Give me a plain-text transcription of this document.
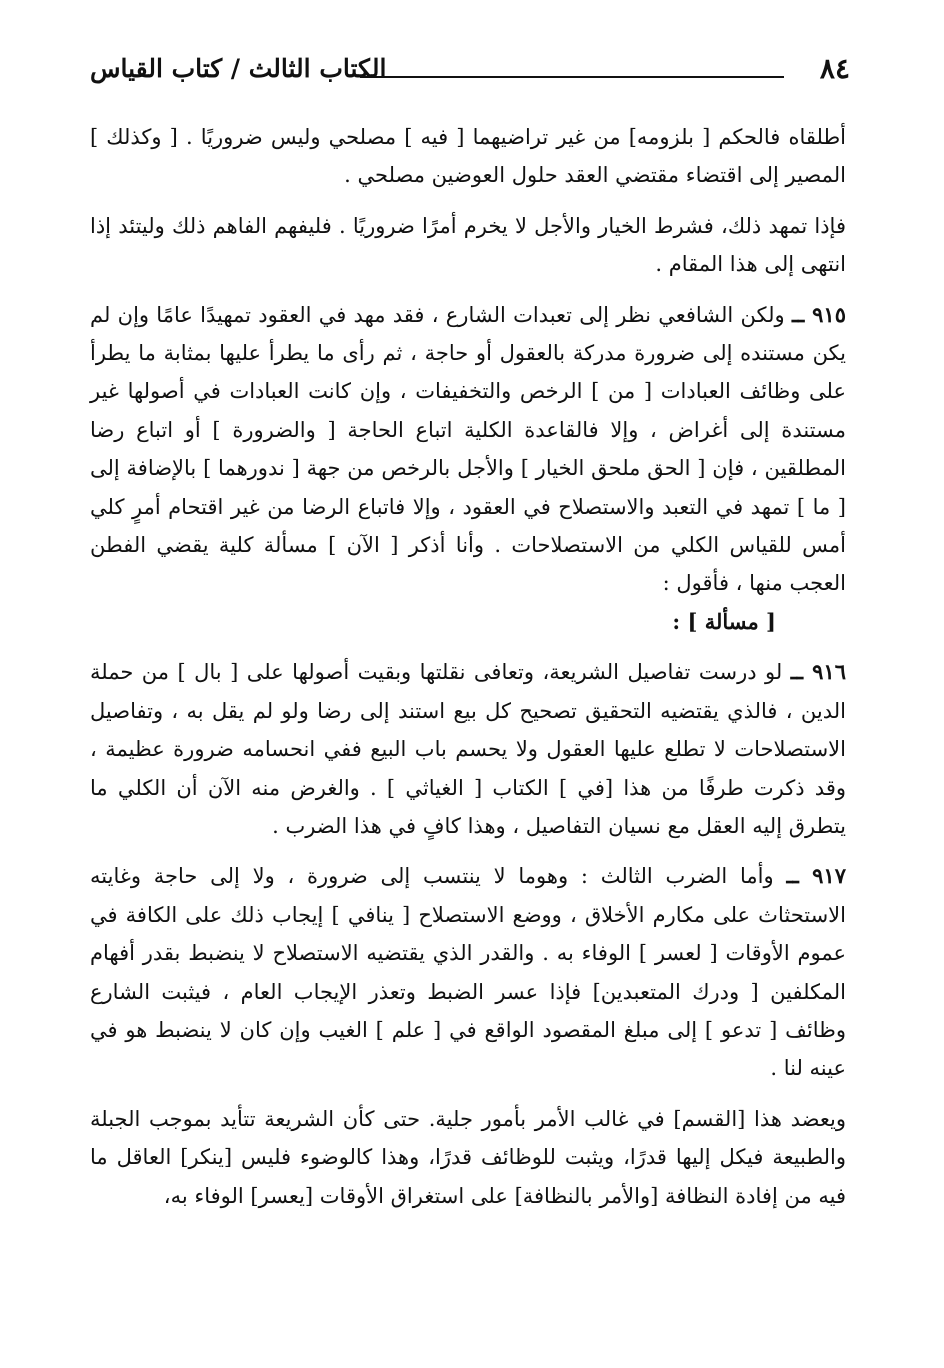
٨٤
الكتاب الثالث / كتاب القياس

أطلقاه فالحكم [ بلزومه] من غير تراضيهما [ فيه ] مصلحي وليس ضروريًا . [ وكذلك ] المصير إلى اقتضاء مقتضي العقد حلول العوضين مصلحي .

فإذا تمهد ذلك، فشرط الخيار والأجل لا يخرم أمرًا ضروريًا . فليفهم الفاهم ذلك وليتئد إذا انتهى إلى هذا المقام .

٩١٥ ــ ولكن الشافعي نظر إلى تعبدات الشارع ، فقد مهد في العقود تمهيدًا عامًا وإن لم يكن مستنده إلى ضرورة مدركة بالعقول أو حاجة ، ثم رأى ما يطرأ عليها بمثابة ما يطرأ على وظائف العبادات [ من ] الرخص والتخفيفات ، وإن كانت العبادات في أصولها غير مستندة إلى أغراض ، وإلا فالقاعدة الكلية اتباع الحاجة [ والضرورة ] أو اتباع رضا المطلقين ، فإن [ الحق ملحق الخيار ] والأجل بالرخص من جهة [ ندورهما ] بالإضافة إلى [ ما ] تمهد في التعبد والاستصلاح في العقود ، وإلا فاتباع الرضا من غير اقتحام أمرٍ كلي أمس للقياس الكلي من الاستصلاحات . وأنا أذكر [ الآن ] مسألة كلية يقضي الفطن العجب منها ، فأقول :

[ مسألة ] :

٩١٦ ــ لو درست تفاصيل الشريعة، وتعافى نقلتها وبقيت أصولها على [ بال ] من حملة الدين ، فالذي يقتضيه التحقيق تصحيح كل بيع استند إلى رضا ولو لم يقل به ، وتفاصيل الاستصلاحات لا تطلع عليها العقول ولا يحسم باب البيع ففي انحسامه ضرورة عظيمة ، وقد ذكرت طرفًا من هذا [في ] الكتاب [ الغياثي ] . والغرض منه الآن أن الكلي ما يتطرق إليه العقل مع نسيان التفاصيل ، وهذا كافٍ في هذا الضرب .

٩١٧ ــ وأما الضرب الثالث : وهوما لا ينتسب إلى ضرورة ، ولا إلى حاجة وغايته الاستحثاث على مكارم الأخلاق ، ووضع الاستصلاح [ ينافي ] إيجاب ذلك على الكافة في عموم الأوقات [ لعسر ] الوفاء به . والقدر الذي يقتضيه الاستصلاح لا ينضبط بقدر أفهام المكلفين [ ودرك المتعبدين] فإذا عسر الضبط وتعذر الإيجاب العام ، فيثبت الشارع وظائف [ تدعو ] إلى مبلغ المقصود الواقع في [ علم ] الغيب وإن كان لا ينضبط هو في عينه لنا .

ويعضد هذا [القسم] في غالب الأمر بأمور جلية. حتى كأن الشريعة تتأيد بموجب الجبلة والطبيعة فيكل إليها قدرًا، ويثبت للوظائف قدرًا، وهذا كالوضوء فليس [ينكر] العاقل ما فيه من إفادة النظافة [والأمر بالنظافة] على استغراق الأوقات [يعسر] الوفاء به،
